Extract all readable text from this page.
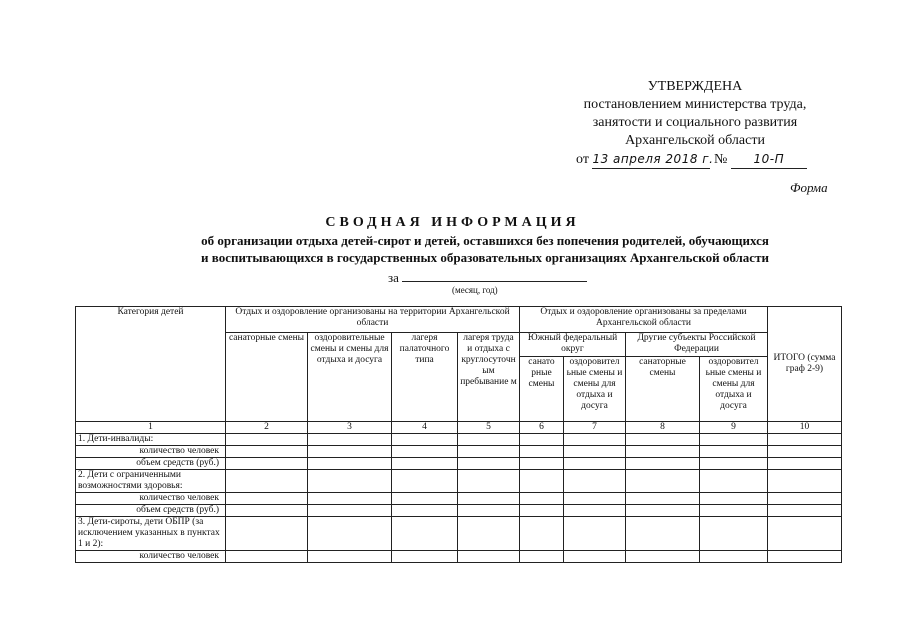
УТВЕРЖДЕНА
постановлением министерства труда,
занятости и социального развития
Архангельской области
от 13 апреля 2018 г. № 10-П
Форма
СВОДНАЯ ИНФОРМАЦИЯ
об организации отдыха детей-сирот и детей, оставшихся без попечения родителей, обучающихся
и воспитывающихся в государственных образовательных организациях Архангельской области
за
(месяц, год)
Категория детей	Отдых и оздоровление организованы на территории Архангельской области				Отдых и оздоровление организованы за пределами Архангельской области				ИТОГО (сумма граф 2-9)
	санаторные смены	оздоровительные смены и смены для отдыха и досуга	лагеря палаточного типа	лагеря труда и отдыха с круглосуточн ым пребывание м	Южный федеральный округ		Другие субъекты Российской Федерации		
					санато рные смены	оздоровител ьные смены и смены для отдыха и досуга	санаторные смены	оздоровител ьные смены и смены для отдыха и досуга	
1	2	3	4	5	6	7	8	9	10
1. Дети-инвалиды:									
количество человек									
объем средств (руб.)									
2. Дети с ограниченными возможностями здоровья:									
количество человек									
объем средств (руб.)									
3. Дети-сироты, дети ОБПР (за исключением указанных в пунктах 1 и 2):									
количество человек									
